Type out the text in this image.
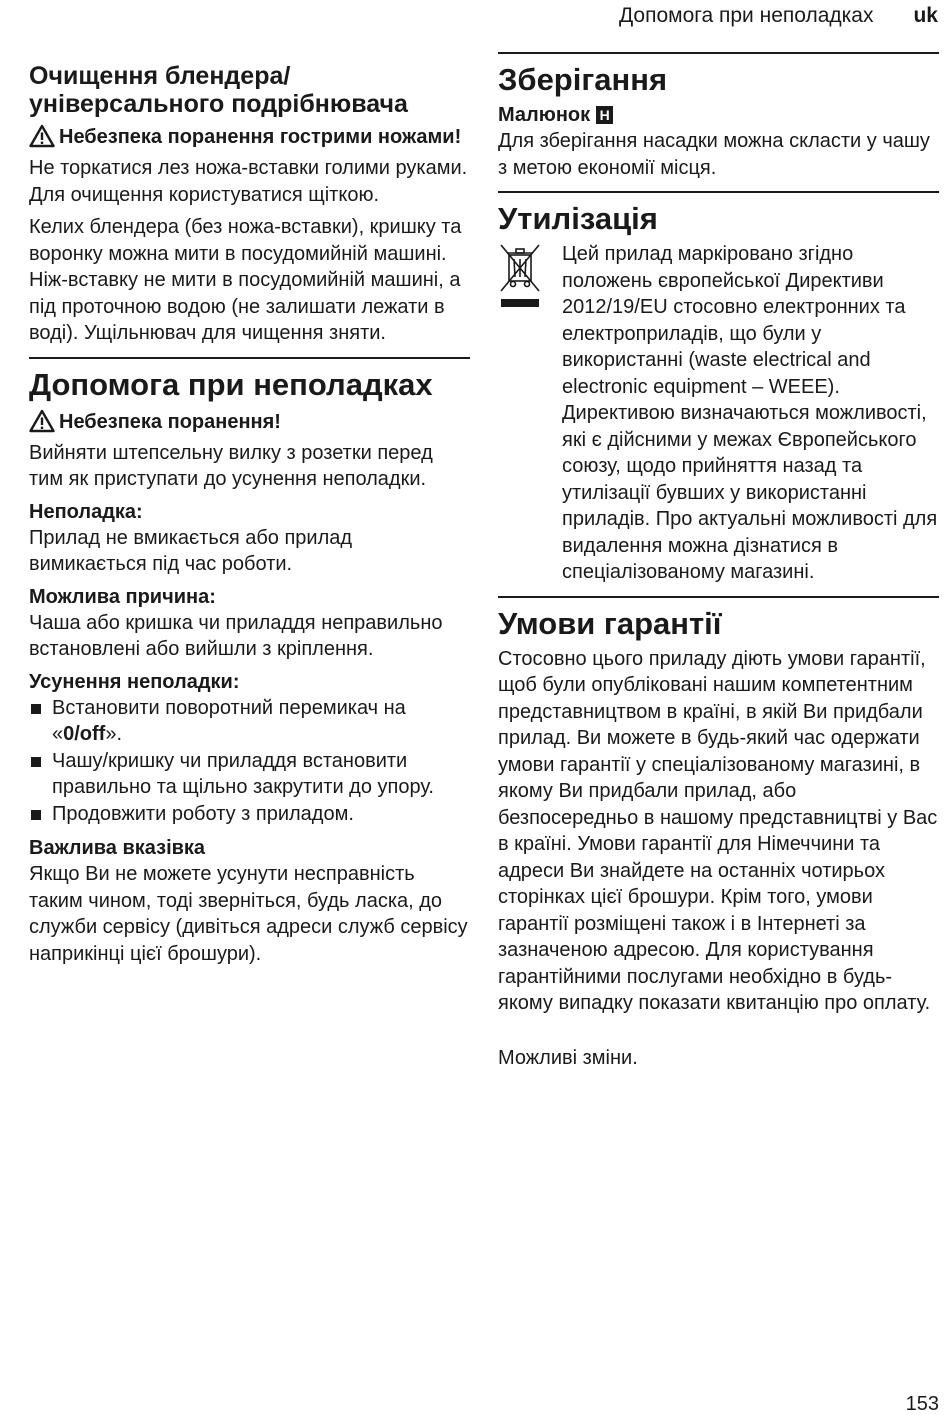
Допомога при неполадках uk
Очищення блендера/ універсального подрібнювача
Небезпека поранення гострими ножами!

Не торкатися лез ножа-вставки голими руками. Для очищення користуватися щіткою.

Келих блендера (без ножа-вставки), кришку та воронку можна мити в посудомийній машині. Ніж-вставку не мити в посудомийній машині, а під проточною водою (не залишати лежати в воді). Ущільнювач для чищення зняти.

Допомога при неполадках
Небезпека поранення!

Вийняти штепсельну вилку з розетки перед тим як приступати до усунення неполадки.

Неполадка:

Прилад не вмикається або прилад вимикається під час роботи.

Можлива причина:

Чаша або кришка чи приладдя неправильно встановлені або вийшли з кріплення.

Усунення неполадки:
Встановити поворотний перемикач на «0/off».
Чашу/кришку чи приладдя встановити правильно та щільно закрутити до упору.
Продовжити роботу з приладом.
Важлива вказівка

Якщо Ви не можете усунути несправність таким чином, тоді зверніться, будь ласка, до служби сервісу (дивіться адреси служб сервісу наприкінці цієї брошури).

Зберігання
Малюнок H

Для зберігання насадки можна скласти у чашу з метою економії місця.

Утилізація

Цей прилад маркіровано згідно положень європейської Директиви 2012/19/EU стосовно електронних та електроприладів, що були у використанні (waste electrical and electronic equipment – WEEE). Директивою визначаються можливості, які є дійсними у межах Європейського союзу, щодо прийняття назад та утилізації бувших у використанні приладів. Про актуальні можливості для видалення можна дізнатися в спеціалізованому магазині.

Умови гарантії

Стосовно цього приладу діють умови гарантії, щоб були опубліковані нашим компетентним представництвом в країні, в якій Ви придбали прилад. Ви можете в будь-який час одержати умови гарантії у спеціалізованому магазині, в якому Ви придбали прилад, або безпосередньо в нашому представництві у Вас в країні. Умови гарантії для Німеччини та адреси Ви знайдете на останніх чотирьох сторінках цієї брошури. Крім того, умови гарантії розміщені також і в Інтернеті за зазначеною адресою. Для користування гарантійними послугами необхідно в будь-якому випадку показати квитанцію про оплату.

Можливі зміни.

153
